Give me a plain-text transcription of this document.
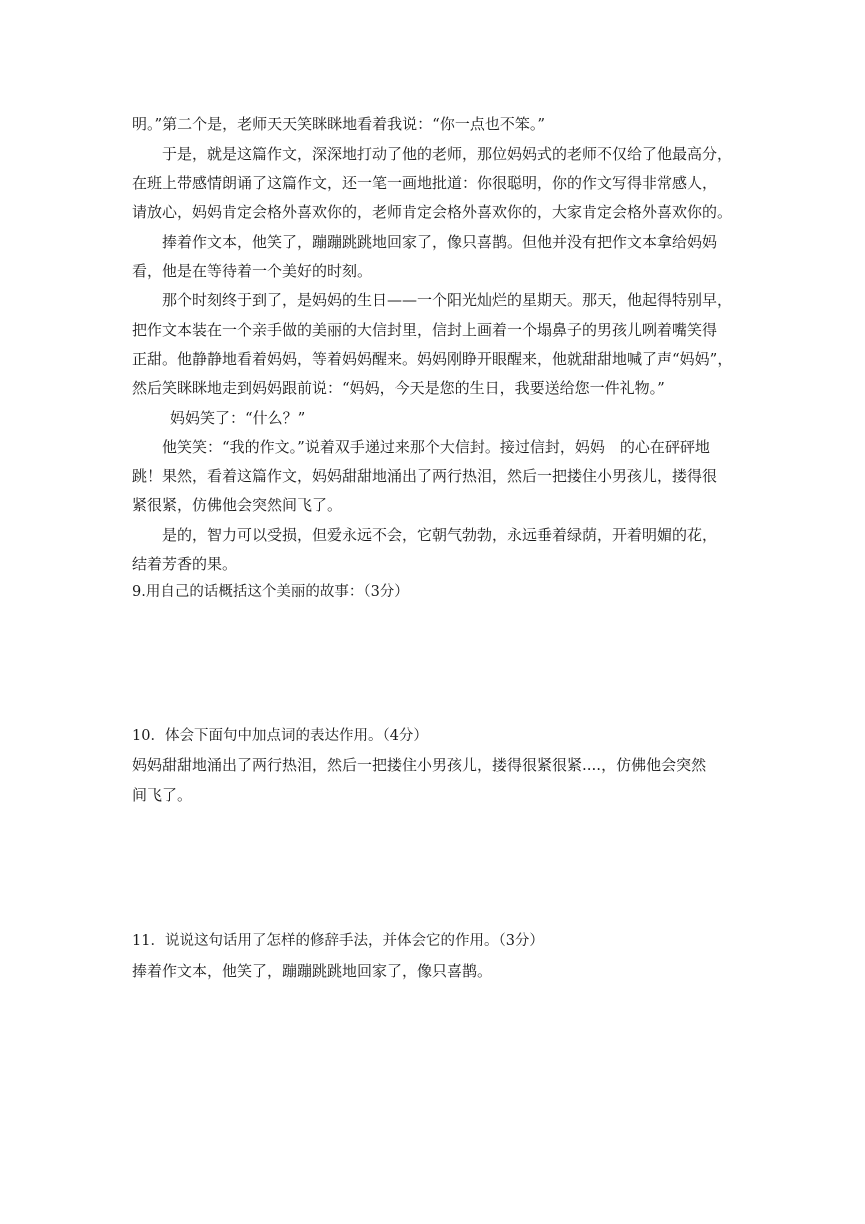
明。”第二个是，老师天天笑眯眯地看着我说：“你一点也不笨。”
于是，就是这篇作文，深深地打动了他的老师，那位妈妈式的老师不仅给了他最高分，
在班上带感情朗诵了这篇作文，还一笔一画地批道：你很聪明，你的作文写得非常感人，
请放心，妈妈肯定会格外喜欢你的，老师肯定会格外喜欢你的，大家肯定会格外喜欢你的。
捧着作文本，他笑了，蹦蹦跳跳地回家了，像只喜鹊。但他并没有把作文本拿给妈妈
看，他是在等待着一个美好的时刻。
那个时刻终于到了，是妈妈的生日——一个阳光灿烂的星期天。那天，他起得特别早，
把作文本装在一个亲手做的美丽的大信封里，信封上画着一个塌鼻子的男孩儿咧着嘴笑得
正甜。他静静地看着妈妈，等着妈妈醒来。妈妈刚睁开眼醒来，他就甜甜地喊了声“妈妈”，
然后笑眯眯地走到妈妈跟前说：“妈妈，今天是您的生日，我要送给您一件礼物。”
妈妈笑了：“什么？”
他笑笑：“我的作文。”说着双手递过来那个大信封。接过信封，妈妈　的心在砰砰地
跳！果然，看着这篇作文，妈妈甜甜地涌出了两行热泪，然后一把搂住小男孩儿，搂得很
紧很紧，仿佛他会突然间飞了。
是的，智力可以受损，但爱永远不会，它朝气勃勃，永远垂着绿荫，开着明媚的花，
结着芳香的果。
9.用自己的话概括这个美丽的故事：（3分）
10．体会下面句中加点词的表达作用。（4分）
妈妈甜甜地涌出了两行热泪，然后一把搂住小男孩儿，搂得很紧很紧....，仿佛他会突然
间飞了。
11．说说这句话用了怎样的修辞手法，并体会它的作用。（3分）
捧着作文本，他笑了，蹦蹦跳跳地回家了，像只喜鹊。
